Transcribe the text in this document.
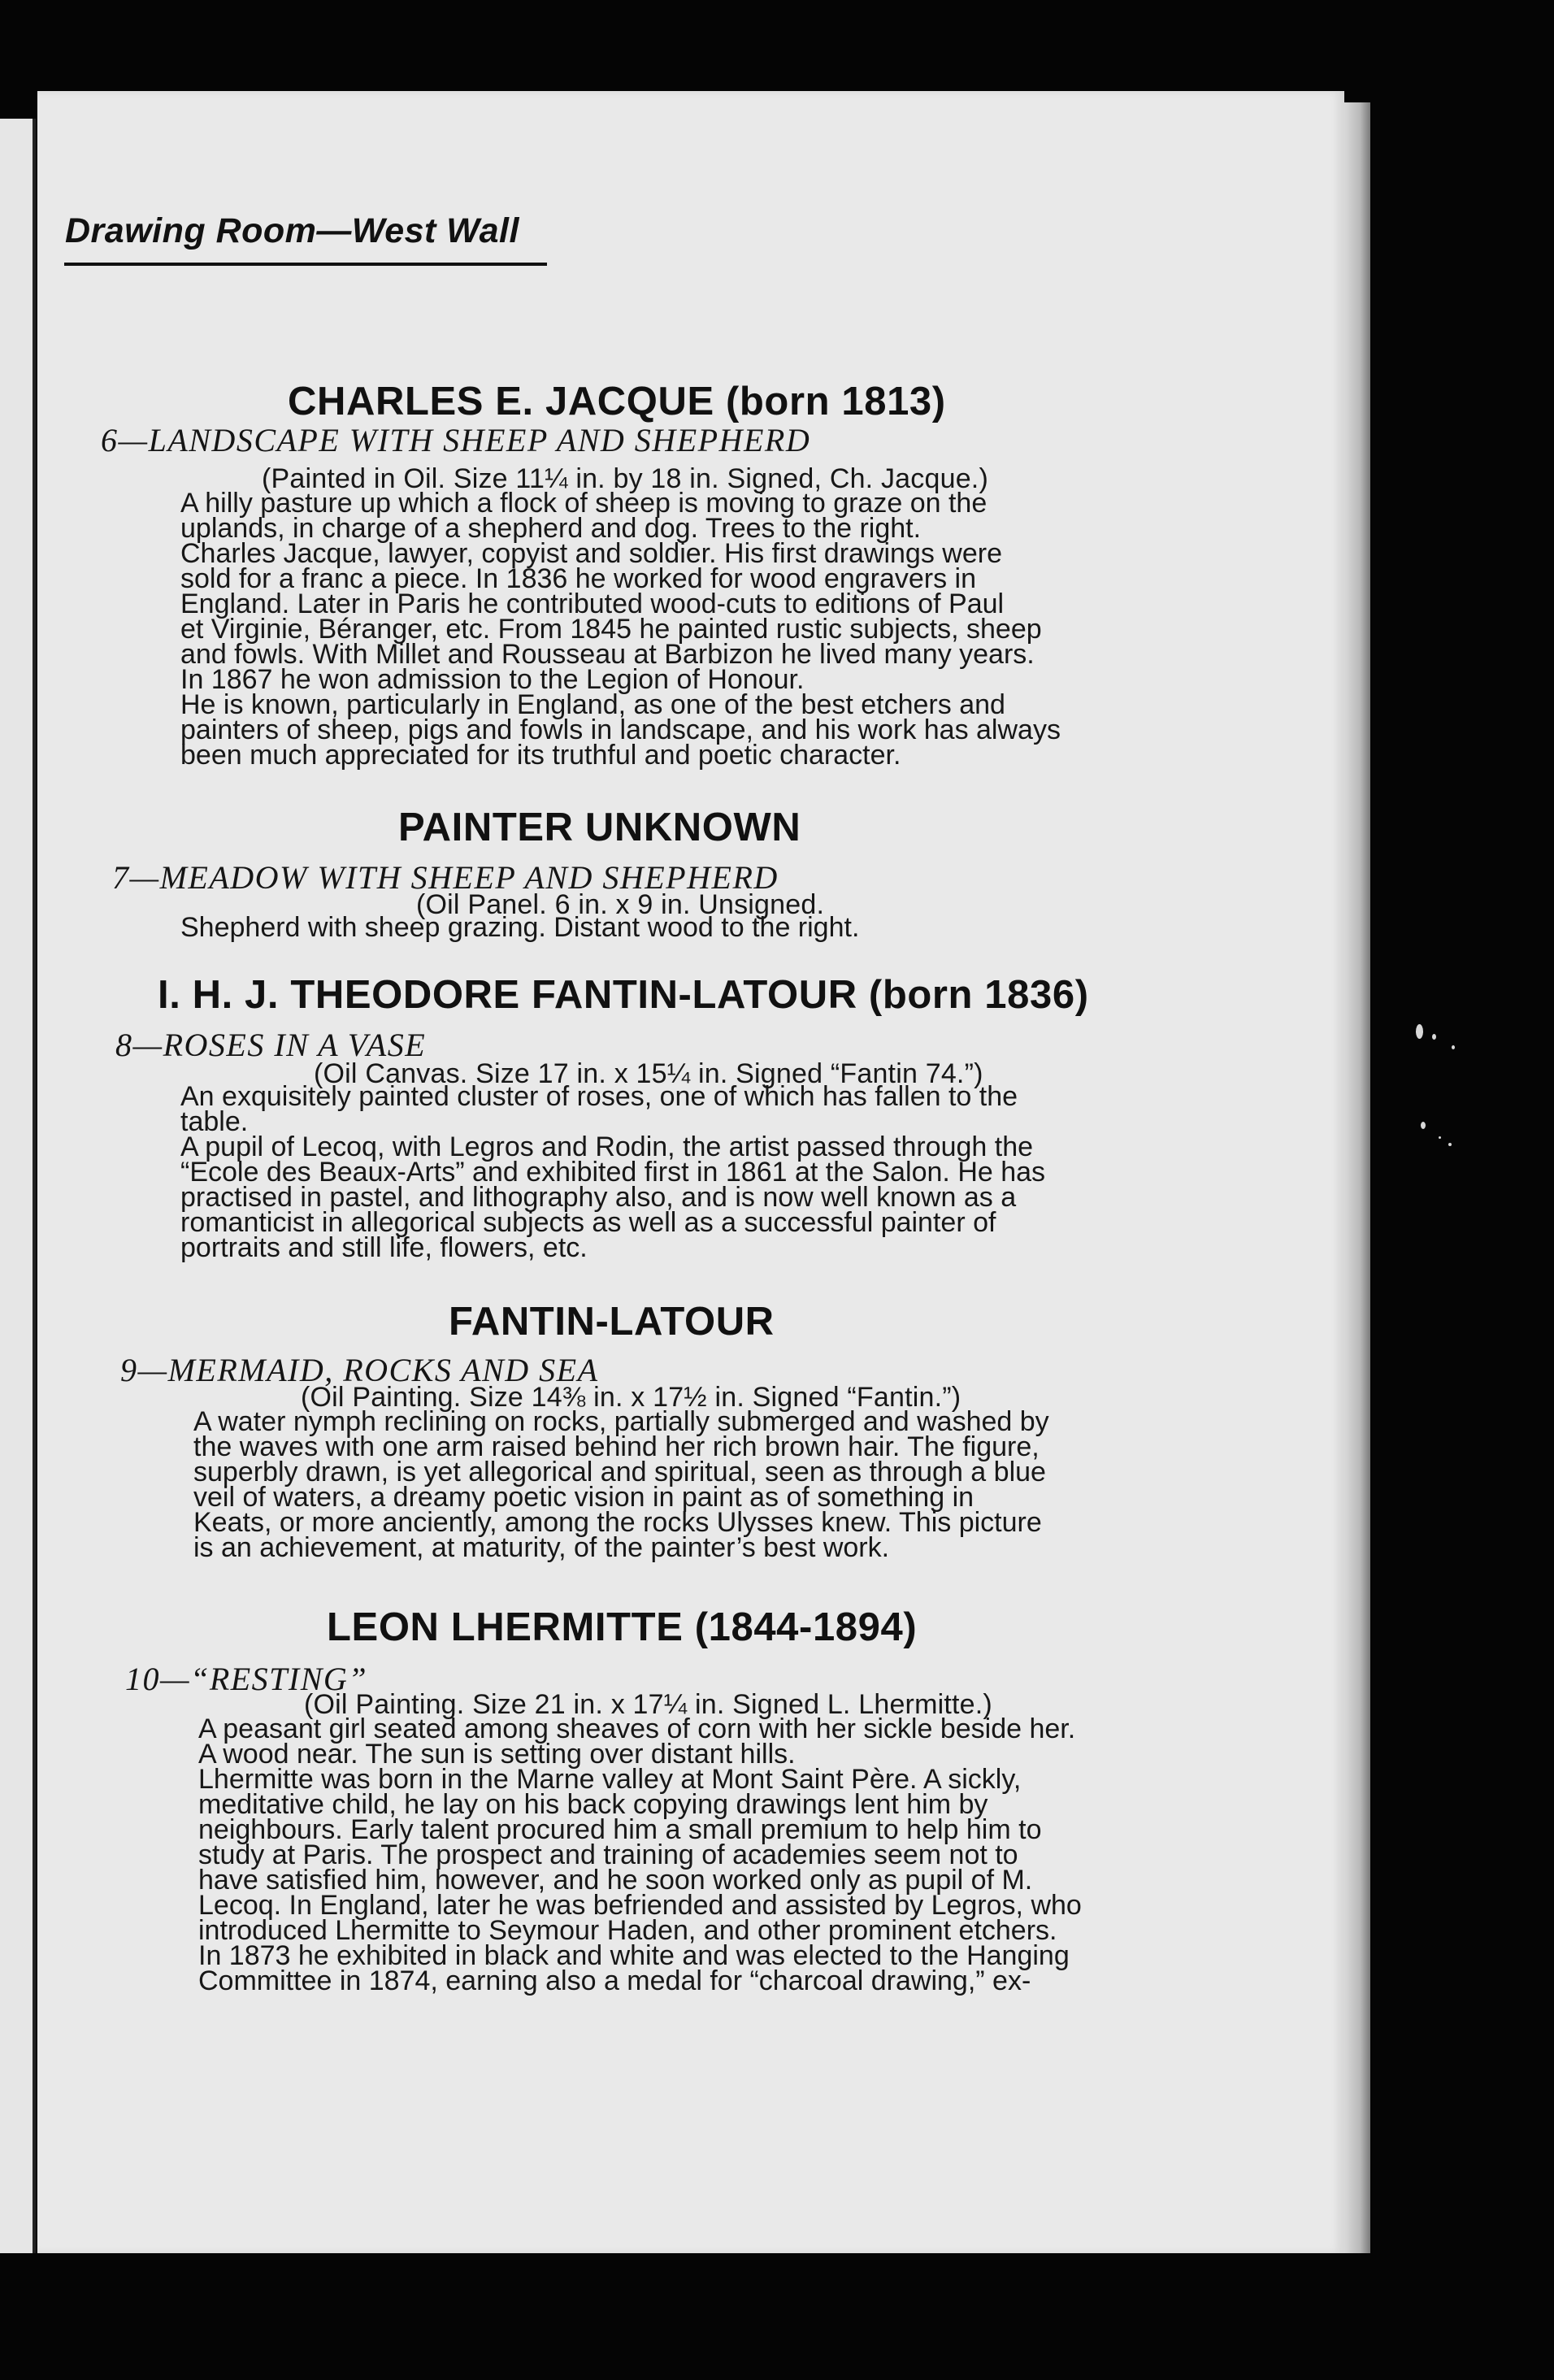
Drawing Room—West Wall
CHARLES E. JACQUE (born 1813)
6—LANDSCAPE WITH SHEEP AND SHEPHERD
(Painted in Oil. Size 11¼ in. by 18 in. Signed, Ch. Jacque.)
A hilly pasture up which a flock of sheep is moving to graze on the
uplands, in charge of a shepherd and dog. Trees to the right.
Charles Jacque, lawyer, copyist and soldier. His first drawings were
sold for a franc a piece. In 1836 he worked for wood engravers in
England. Later in Paris he contributed wood-cuts to editions of Paul
et Virginie, Béranger, etc. From 1845 he painted rustic subjects, sheep
and fowls. With Millet and Rousseau at Barbizon he lived many years.
In 1867 he won admission to the Legion of Honour.
He is known, particularly in England, as one of the best etchers and
painters of sheep, pigs and fowls in landscape, and his work has always
been much appreciated for its truthful and poetic character.
PAINTER UNKNOWN
7—MEADOW WITH SHEEP AND SHEPHERD
(Oil Panel. 6 in. x 9 in. Unsigned.
Shepherd with sheep grazing. Distant wood to the right.
I. H. J. THEODORE FANTIN-LATOUR (born 1836)
8—ROSES IN A VASE
(Oil Canvas. Size 17 in. x 15¼ in. Signed “Fantin 74.”)
An exquisitely painted cluster of roses, one of which has fallen to the
table.
A pupil of Lecoq, with Legros and Rodin, the artist passed through the
“Ecole des Beaux-Arts” and exhibited first in 1861 at the Salon. He has
practised in pastel, and lithography also, and is now well known as a
romanticist in allegorical subjects as well as a successful painter of
portraits and still life, flowers, etc.
FANTIN-LATOUR
9—MERMAID, ROCKS AND SEA
(Oil Painting. Size 14⅜ in. x 17½ in. Signed “Fantin.”)
A water nymph reclining on rocks, partially submerged and washed by
the waves with one arm raised behind her rich brown hair. The figure,
superbly drawn, is yet allegorical and spiritual, seen as through a blue
veil of waters, a dreamy poetic vision in paint as of something in
Keats, or more anciently, among the rocks Ulysses knew. This picture
is an achievement, at maturity, of the painter’s best work.
LEON LHERMITTE (1844-1894)
10—“RESTING”
(Oil Painting. Size 21 in. x 17¼ in. Signed L. Lhermitte.)
A peasant girl seated among sheaves of corn with her sickle beside her.
A wood near. The sun is setting over distant hills.
Lhermitte was born in the Marne valley at Mont Saint Père. A sickly,
meditative child, he lay on his back copying drawings lent him by
neighbours. Early talent procured him a small premium to help him to
study at Paris. The prospect and training of academies seem not to
have satisfied him, however, and he soon worked only as pupil of M.
Lecoq. In England, later he was befriended and assisted by Legros, who
introduced Lhermitte to Seymour Haden, and other prominent etchers.
In 1873 he exhibited in black and white and was elected to the Hanging
Committee in 1874, earning also a medal for “charcoal drawing,” ex-
